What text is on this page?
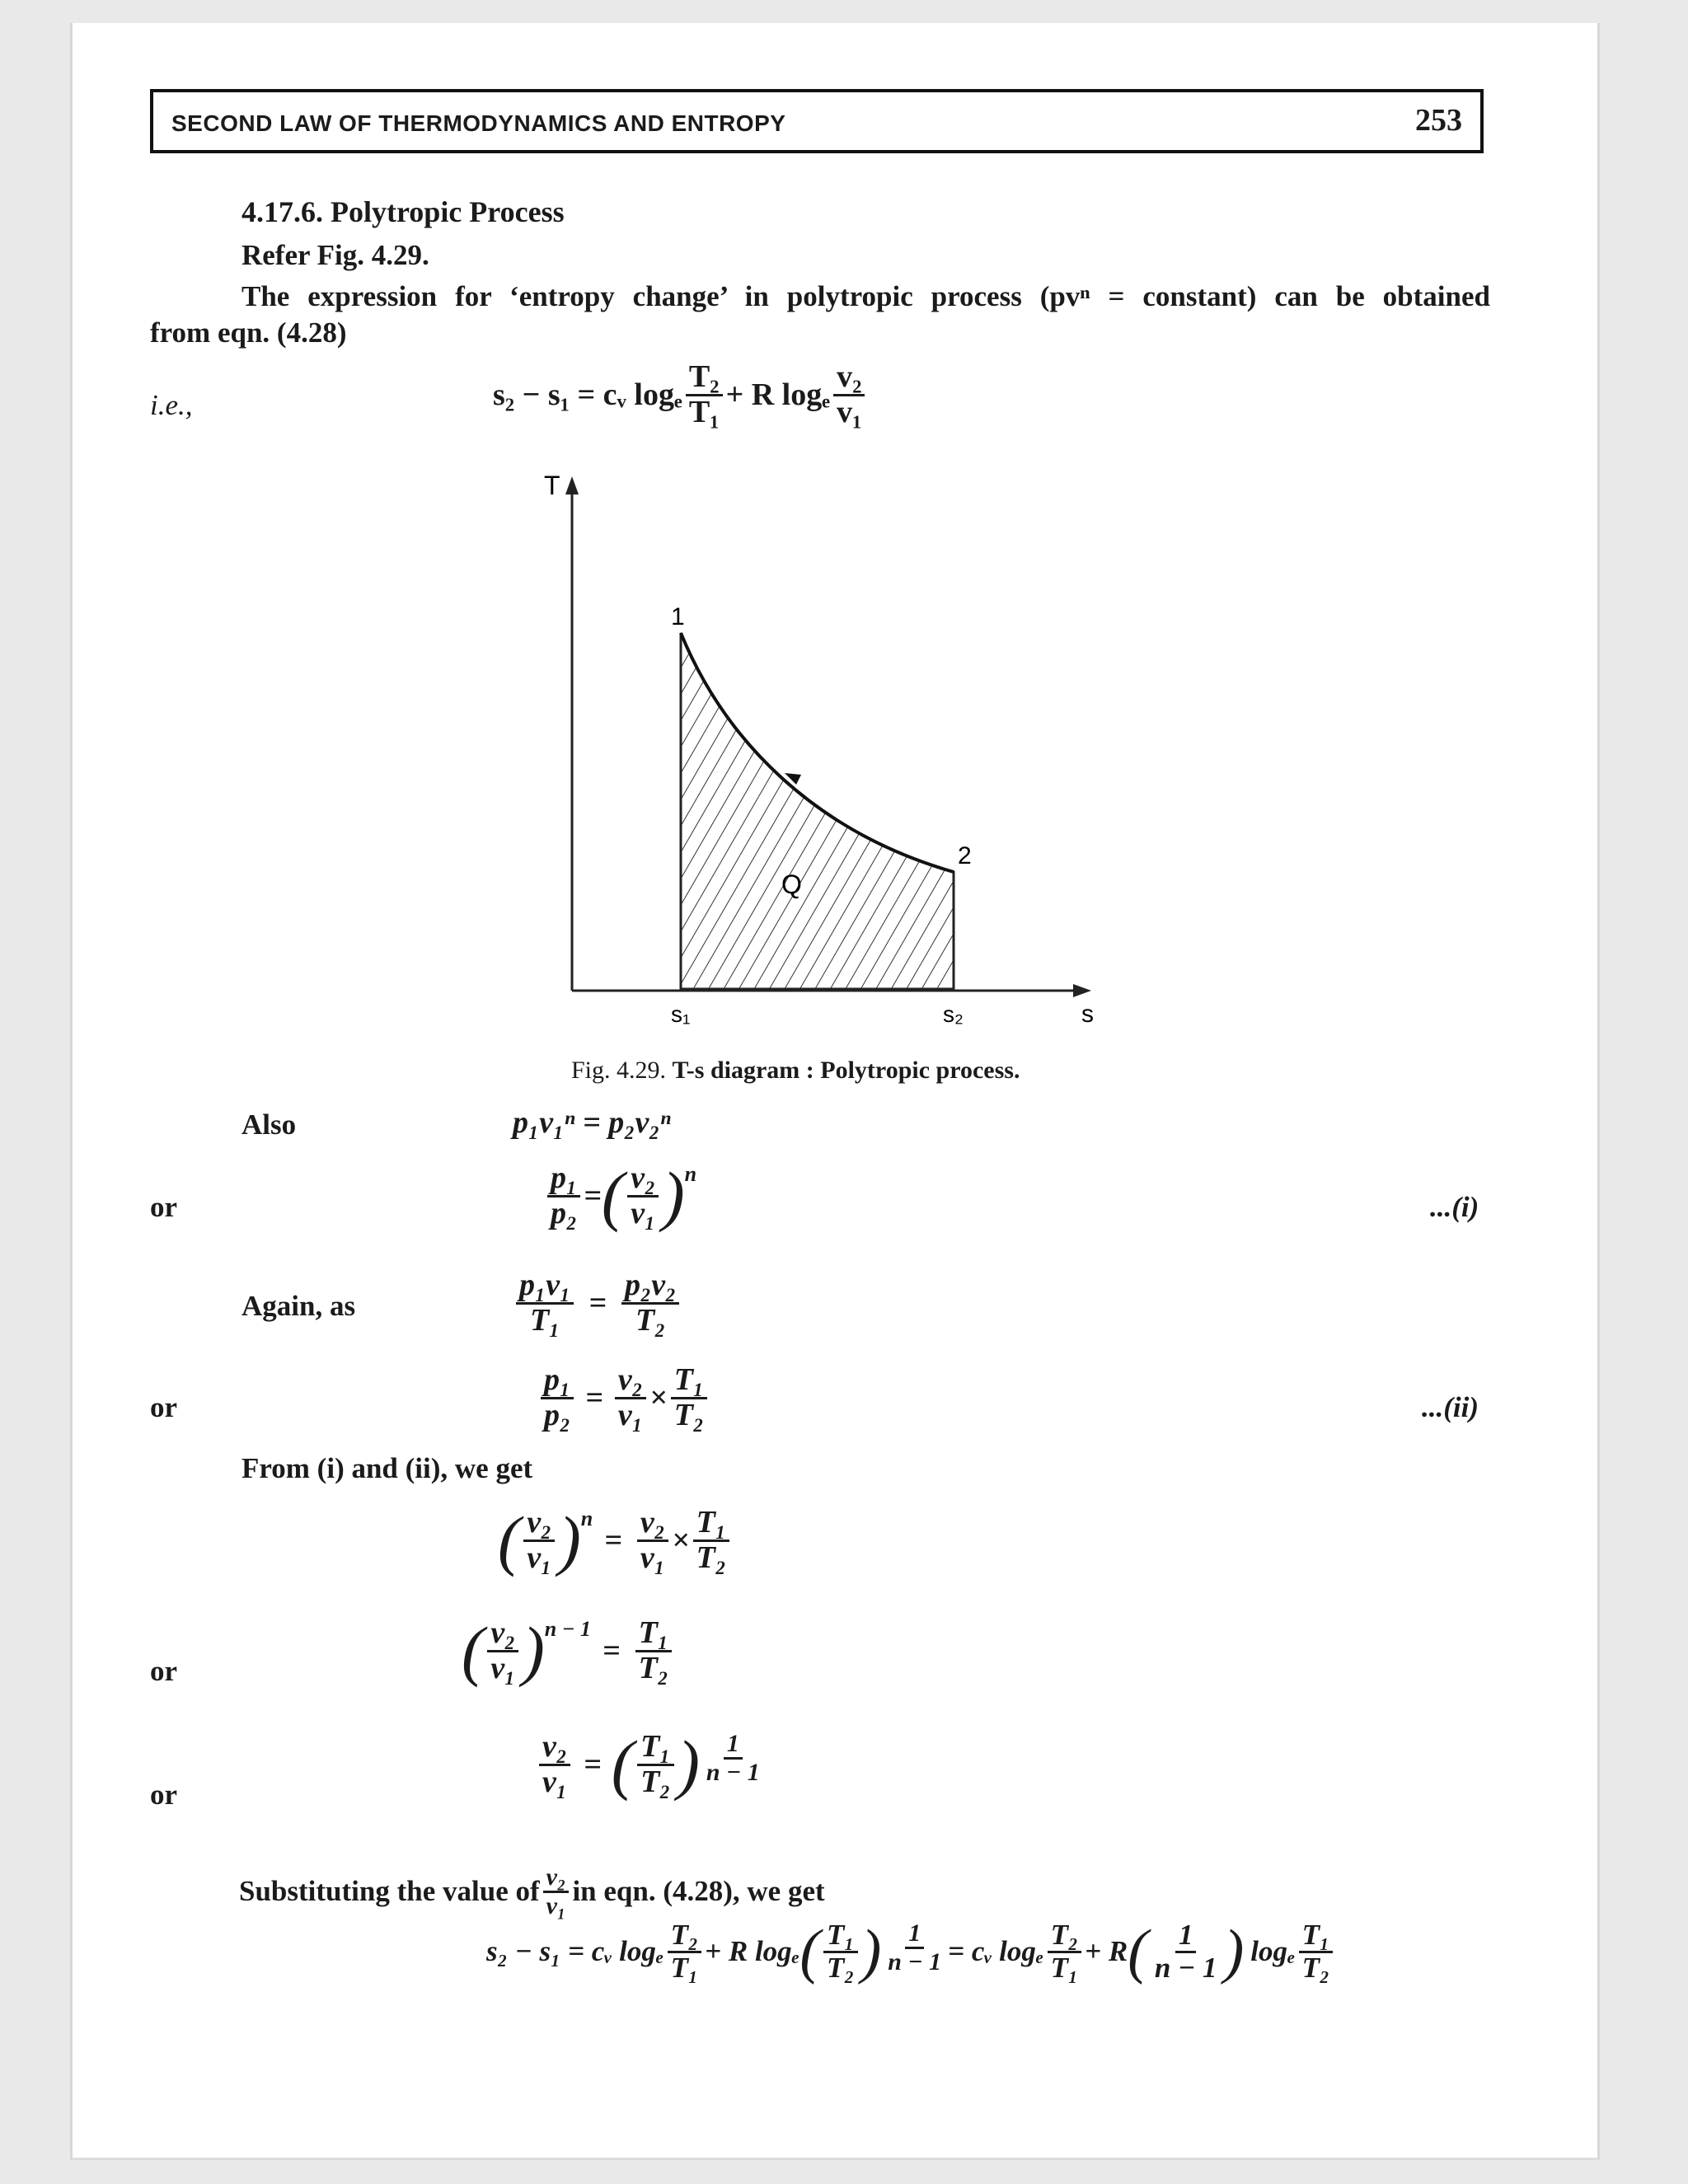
SECOND LAW OF THERMODYNAMICS AND ENTROPY	253
4.17.6. Polytropic Process
Refer Fig. 4.29.
The expression for ‘entropy change’ in polytropic process (pvⁿ = constant) can be obtained
from eqn. (4.28)
i.e.,	s₂ − s₁ = cᵥ logₑ $\frac{\text{T₂}}{\text{T₁}} + R$ logₑ $\frac{\text{v₂}}{\text{v₁}}$
T
1
2
Q
s₁	s₂	s
Fig. 4.29. T-s diagram : Polytropic process.
Also	p₁v₁ⁿ = p₂v₂ⁿ
or	$\frac{\text{p₁}}{\text{p₂}}$ = ( $\frac{\text{v₂}}{\text{v₁}}$ ) n
...(i)
Again, as	$\frac{\text{p₁v₁}}{\text{T₁}} = \frac{\text{p₂v₂}}{\text{T₂}}$
or	$\frac{\text{p₁}}{\text{p₂}} = \frac{\text{v₂}}{\text{v₁}} \times \frac{\text{T₁}}{\text{T₂}}$	...(ii)
From (i) and (ii), we get
( $\frac{\text{v₂}}{\text{v₁}}$ ) n
= $\frac{\text{v₂}}{\text{v₁}} \times \frac{\text{T₁}}{\text{T₂}}$
or	( $\frac{\text{v₂}}{\text{v₁}}$ ) n − 1
= $\frac{\text{T₁}}{\text{T₂}}$
or	$\frac{\text{v₂}}{\text{v₁}}$ = ( $\frac{\text{T₁}}{\text{T₂}}$ ) $\frac{1}{n - 1}$
Substituting the value of $\frac{\text{v₂}}{\text{v₁}}$ in eqn. (4.28), we get
s₂ − s₁ = cᵥ logₑ $\frac{\text{T₂}}{\text{T₁}} + R$ logₑ ( $\frac{\text{T₁}}{\text{T₂}}$ ) $\frac{1}{n - 1}$ = cᵥ logₑ $\frac{\text{T₂}}{\text{T₁}} + R$ ( $\frac{1}{n - 1}$ ) logₑ $\frac{\text{T₁}}{\text{T₂}}$
